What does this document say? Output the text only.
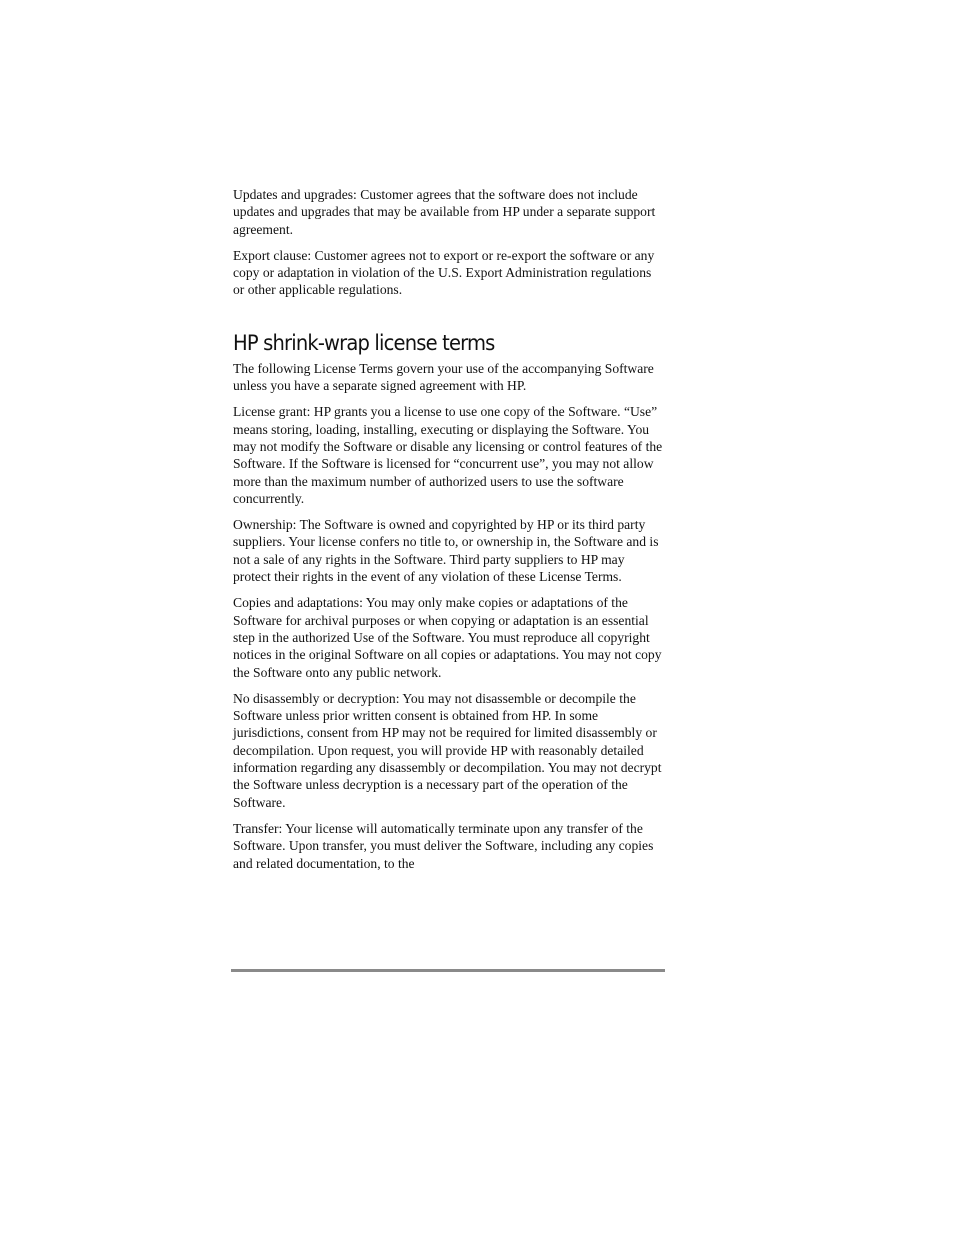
Updates and upgrades: Customer agrees that the software does not include updates and upgrades that may be available from HP under a separate support agreement.

Export clause: Customer agrees not to export or re-export the software or any copy or adaptation in violation of the U.S. Export Administration regulations or other applicable regulations.

HP shrink-wrap license terms

The following License Terms govern your use of the accompanying Software unless you have a separate signed agreement with HP.

License grant: HP grants you a license to use one copy of the Software. “Use” means storing, loading, installing, executing or displaying the Software. You may not modify the Software or disable any licensing or control features of the Software. If the Software is licensed for “concurrent use”, you may not allow more than the maximum number of authorized users to use the software concurrently.

Ownership: The Software is owned and copyrighted by HP or its third party suppliers. Your license confers no title to, or ownership in, the Software and is not a sale of any rights in the Software. Third party suppliers to HP may protect their rights in the event of any violation of these License Terms.

Copies and adaptations: You may only make copies or adaptations of the Software for archival purposes or when copying or adaptation is an essential step in the authorized Use of the Software. You must reproduce all copyright notices in the original Software on all copies or adaptations. You may not copy the Software onto any public network.

No disassembly or decryption: You may not disassemble or decompile the Software unless prior written consent is obtained from HP. In some jurisdictions, consent from HP may not be required for limited disassembly or decompilation. Upon request, you will provide HP with reasonably detailed information regarding any disassembly or decompilation. You may not decrypt the Software unless decryption is a necessary part of the operation of the Software.

Transfer: Your license will automatically terminate upon any transfer of the Software. Upon transfer, you must deliver the Software, including any copies and related documentation, to the
